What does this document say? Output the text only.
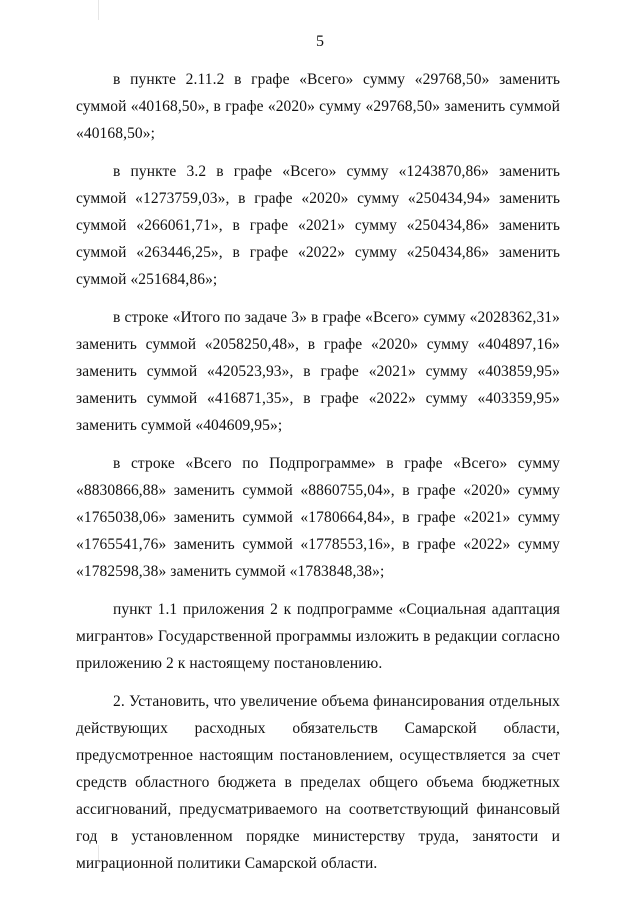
5

в пункте 2.11.2 в графе «Всего» сумму «29768,50» заменить суммой «40168,50», в графе «2020» сумму «29768,50» заменить суммой «40168,50»;

в пункте 3.2 в графе «Всего» сумму «1243870,86» заменить суммой «1273759,03», в графе «2020» сумму «250434,94» заменить суммой «266061,71», в графе «2021» сумму «250434,86» заменить суммой «263446,25», в графе «2022» сумму «250434,86» заменить суммой «251684,86»;

в строке «Итого по задаче 3» в графе «Всего» сумму «2028362,31» заменить суммой «2058250,48», в графе «2020» сумму «404897,16» заменить суммой «420523,93», в графе «2021» сумму «403859,95» заменить суммой «416871,35», в графе «2022» сумму «403359,95» заменить суммой «404609,95»;

в строке «Всего по Подпрограмме» в графе «Всего» сумму «8830866,88» заменить суммой «8860755,04», в графе «2020» сумму «1765038,06» заменить суммой «1780664,84», в графе «2021» сумму «1765541,76» заменить суммой «1778553,16», в графе «2022» сумму «1782598,38» заменить суммой «1783848,38»;

пункт 1.1 приложения 2 к подпрограмме «Социальная адаптация мигрантов» Государственной программы изложить в редакции согласно приложению 2 к настоящему постановлению.

2. Установить, что увеличение объема финансирования отдельных действующих расходных обязательств Самарской области, предусмотренное настоящим постановлением, осуществляется за счет средств областного бюджета в пределах общего объема бюджетных ассигнований, предусматриваемого на соответствующий финансовый год в установленном порядке министерству труда, занятости и миграционной политики Самарской области.
